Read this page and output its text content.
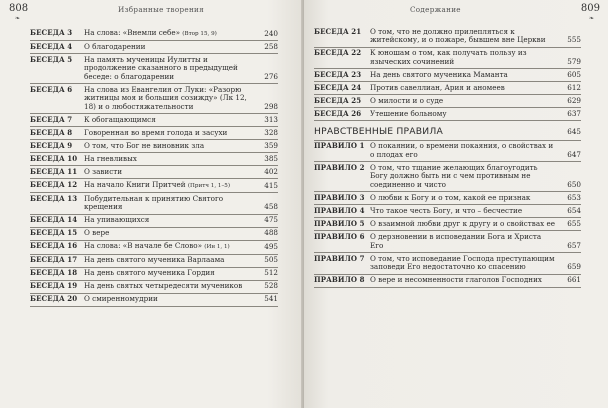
808
❧
Избранные творения
БЕСЕДА 3	На слова: «Внемли себе» (Втор 15, 9)	240
БЕСЕДА 4	О благодарении	258
БЕСЕДА 5	На память мученицы Иулитты и продолжение сказанного в предыдущей беседе: о благодарении	276
БЕСЕДА 6	На слова из Евангелия от Луки: «Разорю житницы моя и большия созижду» (Лк 12, 18) и о любостяжательности	298
БЕСЕДА 7	К обогащающимся	313
БЕСЕДА 8	Говоренная во время голода и засухи	328
БЕСЕДА 9	О том, что Бог не виновник зла	359
БЕСЕДА 10 На гневливых	385
БЕСЕДА 11 О зависти	402
БЕСЕДА 12 На начало Книги Притчей (Притч 1, 1–5)	415
БЕСЕДА 13 Побудительная к принятию Святого крещения	458
БЕСЕДА 14 На упивающихся	475
БЕСЕДА 15 О вере	488
БЕСЕДА 16 На слова: «В начале бе Слово» (Ин 1, 1)	495
БЕСЕДА 17 На день святого мученика Варлаама	505
БЕСЕДА 18 На день святого мученика Гордия	512
БЕСЕДА 19 На день святых четыредесяти мучеников	528
БЕСЕДА 20 О смиренномудрии	541
Содержание	809
❧
БЕСЕДА 21	О том, что не должно прилепляться к житейскому, и о пожаре, бывшем вне Церкви	555
БЕСЕДА 22	К юношам о том, как получать пользу из языческих сочинений	579
БЕСЕДА 23	На день святого мученика Маманта	605
БЕСЕДА 24	Против савеллиан, Ария и аномеев	612
БЕСЕДА 25	О милости и о суде	629
БЕСЕДА 26	Утешение больному	637
НРАВСТВЕННЫЕ ПРАВИЛА	645
ПРАВИЛО 1 О покаянии, о времени покаяния, о свойствах и о плодах его	647
ПРАВИЛО 2 О том, что тщание желающих благоугодить Богу должно быть ни с чем противным не соединенно и чисто	650
ПРАВИЛО 3 О любви к Богу и о том, какой ее признак	653
ПРАВИЛО 4 Что такое честь Богу, и что – бесчестие	654
ПРАВИЛО 5 О взаимной любви друг к другу и о свойствах ее	655
ПРАВИЛО 6 О дерзновении в исповедании Бога и Христа Его	657
ПРАВИЛО 7 О том, что исповедание Господа преступающим заповеди Его недостаточно ко спасению	659
ПРАВИЛО 8 О вере и несомненности глаголов Господних	661
